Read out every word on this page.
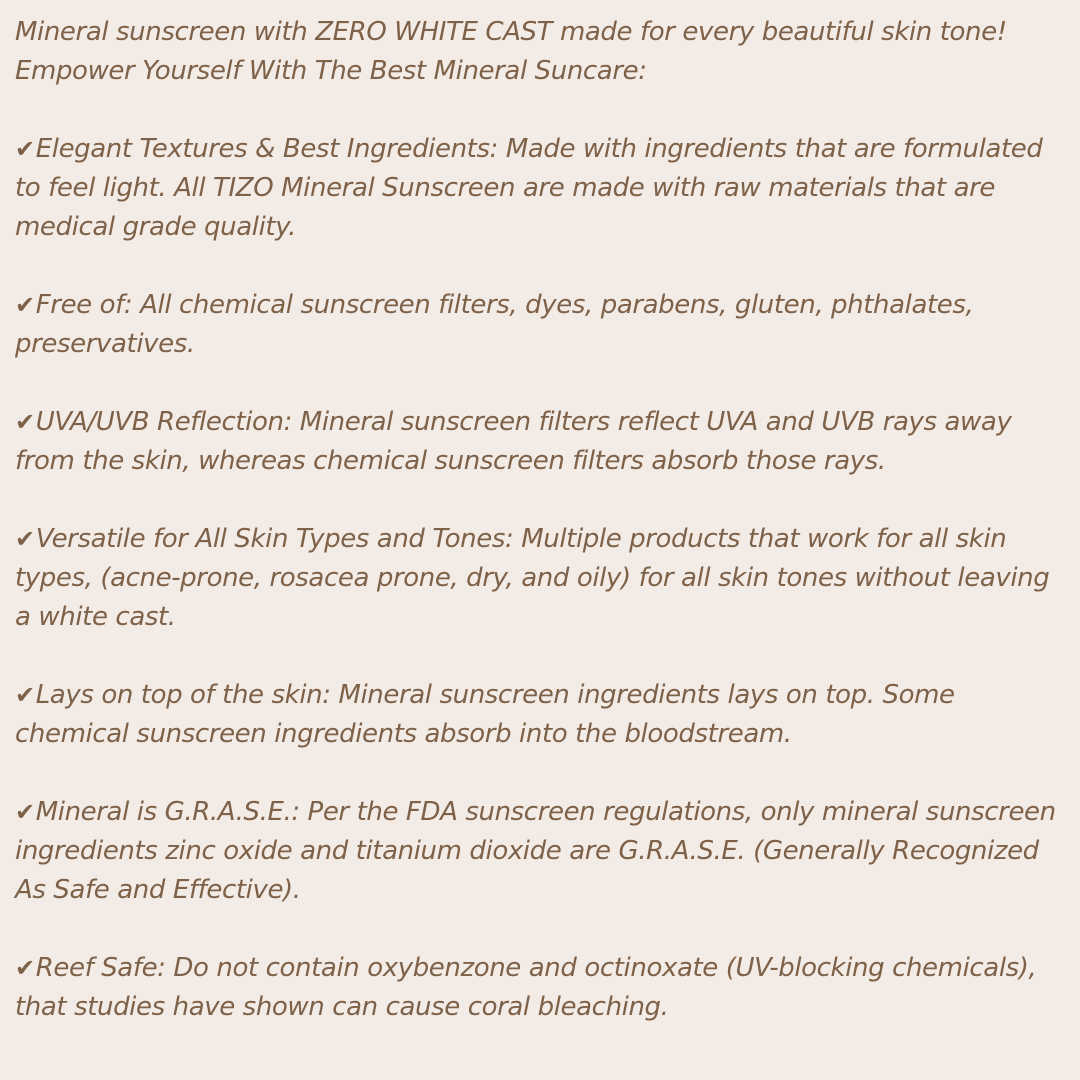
Mineral sunscreen with ZERO WHITE CAST made for every beautiful skin tone! Empower Yourself With The Best Mineral Suncare:

✔Elegant Textures & Best Ingredients: Made with ingredients that are formulated to feel light. All TIZO Mineral Sunscreen are made with raw materials that are medical grade quality.

✔Free of: All chemical sunscreen filters, dyes, parabens, gluten, phthalates, preservatives.

✔UVA/UVB Reflection: Mineral sunscreen filters reflect UVA and UVB rays away from the skin, whereas chemical sunscreen filters absorb those rays.

✔Versatile for All Skin Types and Tones: Multiple products that work for all skin types, (acne-prone, rosacea prone, dry, and oily) for all skin tones without leaving a white cast.

✔Lays on top of the skin: Mineral sunscreen ingredients lays on top. Some chemical sunscreen ingredients absorb into the bloodstream.

✔Mineral is G.R.A.S.E.: Per the FDA sunscreen regulations, only mineral sunscreen ingredients zinc oxide and titanium dioxide are G.R.A.S.E. (Generally Recognized As Safe and Effective).

✔Reef Safe: Do not contain oxybenzone and octinoxate (UV-blocking chemicals), that studies have shown can cause coral bleaching.
